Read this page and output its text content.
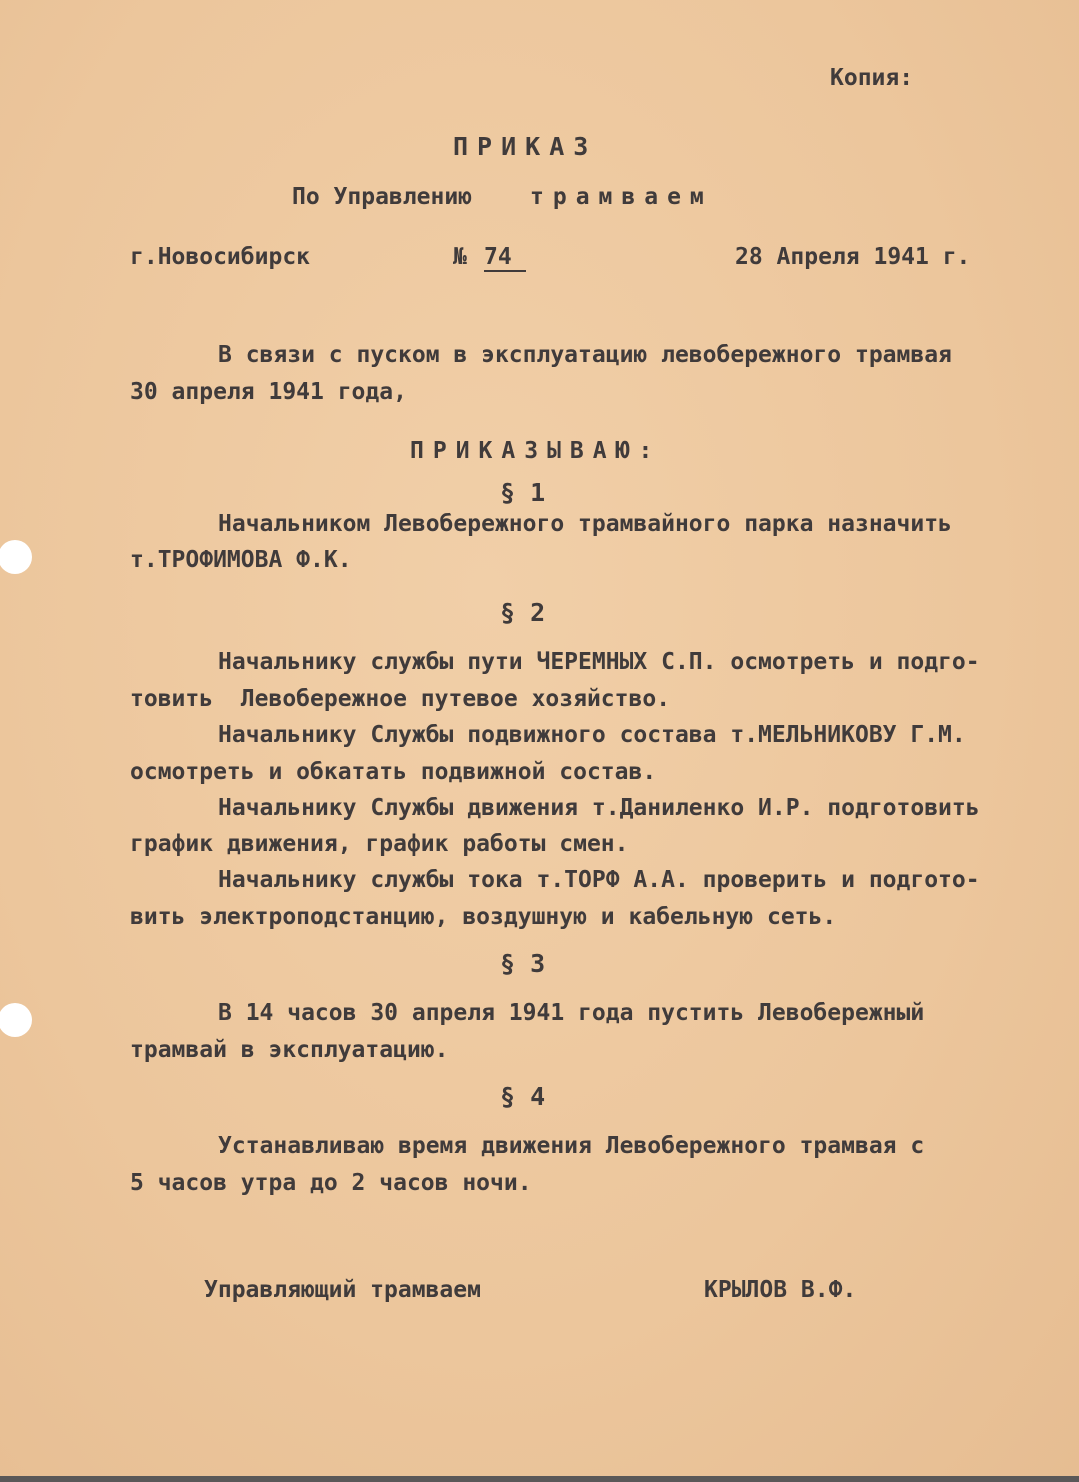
Копия:
ПРИКАЗ
По Управлению	трамваем
г.Новосибирск	№ 74	28 Апреля 1941 г.
В связи с пуском в эксплуатацию левобережного трамвая
30 апреля 1941 года,
ПРИКАЗЫВАЮ:
§ 1
Начальником Левобережного трамвайного парка назначить
т.ТРОФИМОВА Ф.К.
§ 2
Начальнику службы пути ЧЕРЕМНЫХ С.П. осмотреть и подго-
товить  Левобережное путевое хозяйство.
Начальнику Службы подвижного состава т.МЕЛЬНИКОВУ Г.М.
осмотреть и обкатать подвижной состав.
Начальнику Службы движения т.Даниленко И.Р. подготовить
график движения, график работы смен.
Начальнику службы тока т.ТОРФ А.А. проверить и подгото-
вить электроподстанцию, воздушную и кабельную сеть.
§ 3
В 14 часов 30 апреля 1941 года пустить Левобережный
трамвай в эксплуатацию.
§ 4
Устанавливаю время движения Левобережного трамвая с
5 часов утра до 2 часов ночи.
Управляющий трамваем	КРЫЛОВ В.Ф.
